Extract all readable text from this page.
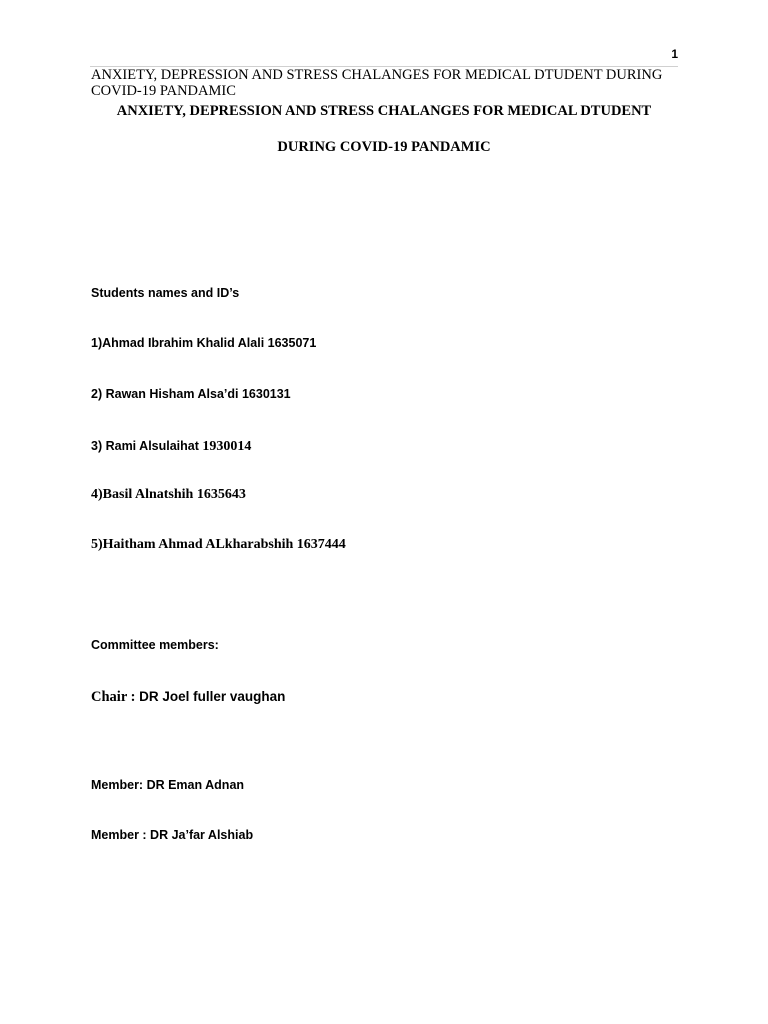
1
ANXIETY, DEPRESSION AND STRESS CHALANGES FOR MEDICAL DTUDENT DURING COVID-19 PANDAMIC
ANXIETY, DEPRESSION AND STRESS CHALANGES FOR MEDICAL DTUDENT
DURING COVID-19 PANDAMIC
Students names and ID’s
1)Ahmad Ibrahim Khalid Alali 1635071
2) Rawan Hisham Alsa’di 1630131
3) Rami Alsulaihat 1930014
4)Basil Alnatshih 1635643
5)Haitham Ahmad ALkharabshih 1637444
Committee members:
Chair : DR Joel fuller vaughan
Member: DR Eman Adnan
Member : DR Ja’far Alshiab
